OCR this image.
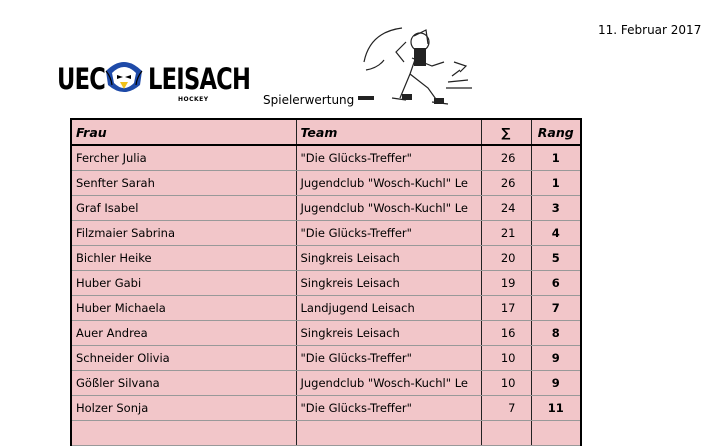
11. Februar 2017
UEC LEISACH
HOCKEY	Spielerwertung
Frau	Team	∑	Rang
Fercher Julia	"Die Glücks-Treffer"	26	1
Senfter Sarah	Jugendclub "Wosch-Kuchl" Le	26	1
Graf Isabel	Jugendclub "Wosch-Kuchl" Le	24	3
Filzmaier Sabrina	"Die Glücks-Treffer"	21	4
Bichler Heike	Singkreis Leisach	20	5
Huber Gabi	Singkreis Leisach	19	6
Huber Michaela	Landjugend Leisach	17	7
Auer Andrea	Singkreis Leisach	16	8
Schneider Olivia	"Die Glücks-Treffer"	10	9
Gößler Silvana	Jugendclub "Wosch-Kuchl" Le	10	9
Holzer Sonja	"Die Glücks-Treffer"	7	11
